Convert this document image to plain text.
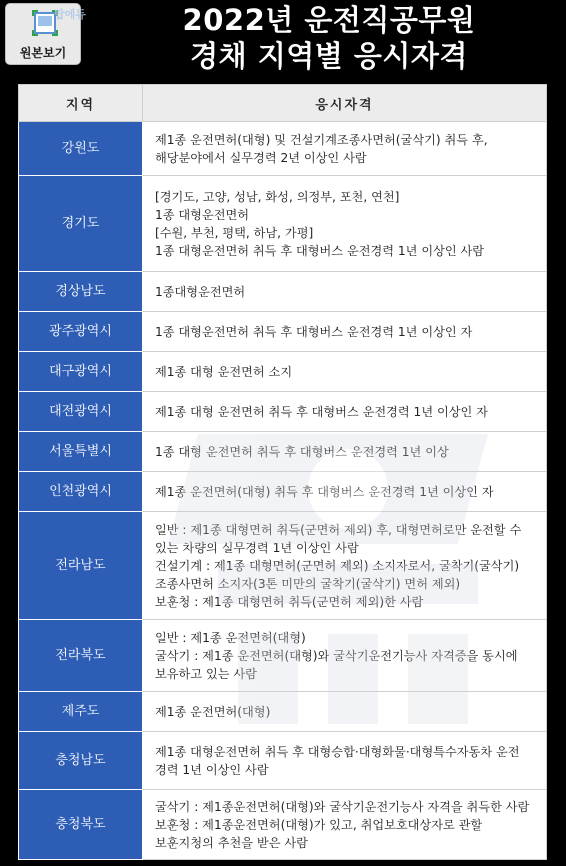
원본보기
탑에듀	2022년 운전직공무원
경채 지역별 응시자격
지역	응시자격
강원도	제1종 운전면허(대형) 및 건설기계조종사면허(굴삭기) 취득 후,
해당분야에서 실무경력 2년 이상인 사람

경기도	[경기도, 고양, 성남, 화성, 의정부, 포천, 연천]
1종 대형운전면허
[수원, 부천, 평택, 하남, 가평]
1종 대형운전면허 취득 후 대형버스 운전경력 1년 이상인 사람

경상남도	1종대형운전면허

광주광역시	1종 대형운전면허 취득 후 대형버스 운전경력 1년 이상인 자

대구광역시	제1종 대형 운전면허 소지

대전광역시	제1종 대형 운전면허 취득 후 대형버스 운전경력 1년 이상인 자

서울특별시	1종 대형 운전면허 취득 후 대형버스 운전경력 1년 이상

인천광역시	제1종 운전면허(대형) 취득 후 대형버스 운전경력 1년 이상인 자

전라남도	일반 : 제1종 대형면허 취득(군면허 제외) 후, 대형면허로만 운전할 수
있는 차량의 실무경력 1년 이상인 사람
건설기계 : 제1종 대형면허(군면허 제외) 소지자로서, 굴착기(굴삭기)
조종사면허 소지자(3톤 미만의 굴착기(굴삭기) 면허 제외)
보훈청 : 제1종 대형면허 취득(군면허 제외)한 사람

전라북도	일반 : 제1종 운전면허(대형)
굴삭기 : 제1종 운전면허(대형)와 굴삭기운전기능사 자격증을 동시에
보유하고 있는 사람

제주도	제1종 운전면허(대형)

충청남도	제1종 대형운전면허 취득 후 대형승합·대형화물·대형특수자동차 운전
경력 1년 이상인 사람

충청북도	굴삭기 : 제1종운전면허(대형)와 굴삭기운전기능사 자격을 취득한 사람
보훈청 : 제1종운전면허(대형)가 있고, 취업보호대상자로 관할
보훈지청의 추천을 받은 사람
